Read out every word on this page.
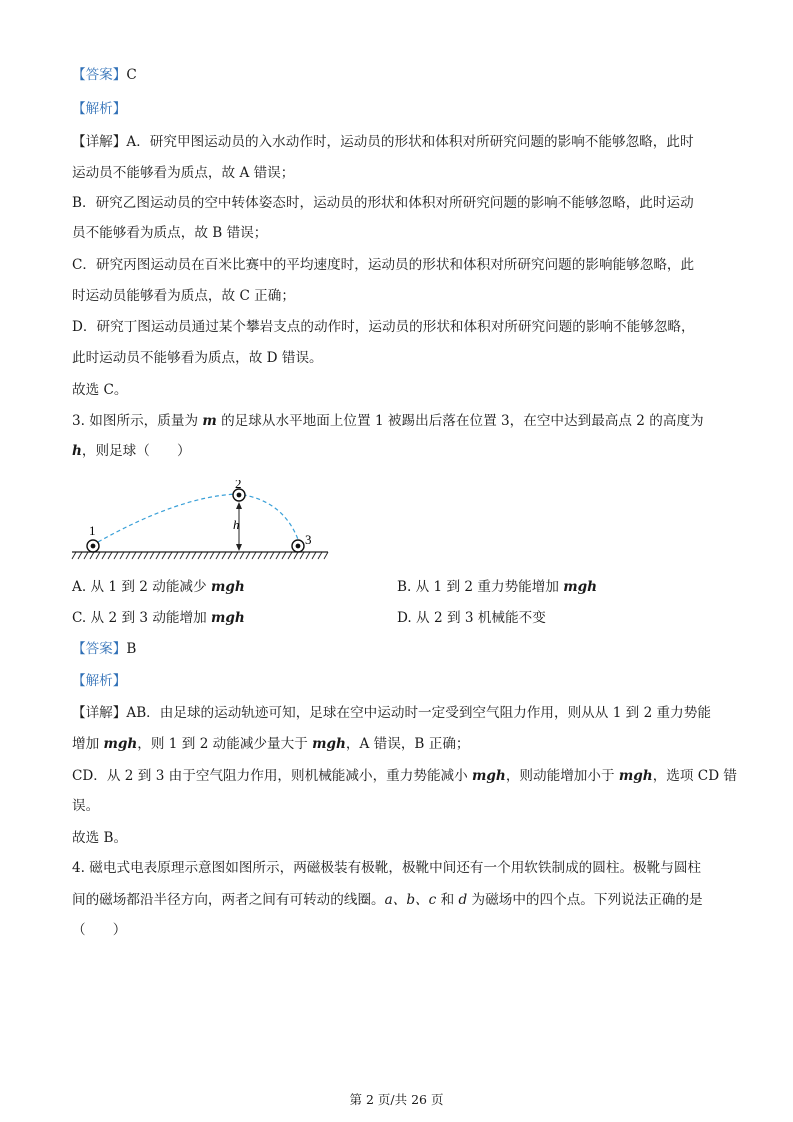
【答案】C
【解析】
【详解】A．研究甲图运动员的入水动作时，运动员的形状和体积对所研究问题的影响不能够忽略，此时
运动员不能够看为质点，故 A 错误；
B．研究乙图运动员的空中转体姿态时，运动员的形状和体积对所研究问题的影响不能够忽略，此时运动
员不能够看为质点，故 B 错误；
C．研究丙图运动员在百米比赛中的平均速度时，运动员的形状和体积对所研究问题的影响能够忽略，此
时运动员能够看为质点，故 C 正确；
D．研究丁图运动员通过某个攀岩支点的动作时，运动员的形状和体积对所研究问题的影响不能够忽略，
此时运动员不能够看为质点，故 D 错误。
故选 C。
3. 如图所示，质量为 m 的足球从水平地面上位置 1 被踢出后落在位置 3，在空中达到最高点 2 的高度为
h，则足球（　　）
1
2
3
h
A. 从 1 到 2 动能减少 mgh	B. 从 1 到 2 重力势能增加 mgh
C. 从 2 到 3 动能增加 mgh	D. 从 2 到 3 机械能不变
【答案】B
【解析】
【详解】AB．由足球的运动轨迹可知，足球在空中运动时一定受到空气阻力作用，则从从 1 到 2 重力势能
增加 mgh，则 1 到 2 动能减少量大于 mgh，A 错误，B 正确；
CD．从 2 到 3 由于空气阻力作用，则机械能减小，重力势能减小 mgh，则动能增加小于 mgh，选项 CD 错
误。
故选 B。
4. 磁电式电表原理示意图如图所示，两磁极装有极靴，极靴中间还有一个用软铁制成的圆柱。极靴与圆柱
间的磁场都沿半径方向，两者之间有可转动的线圈。a、b、c 和 d 为磁场中的四个点。下列说法正确的是
（　　）
第 2 页/共 26 页
